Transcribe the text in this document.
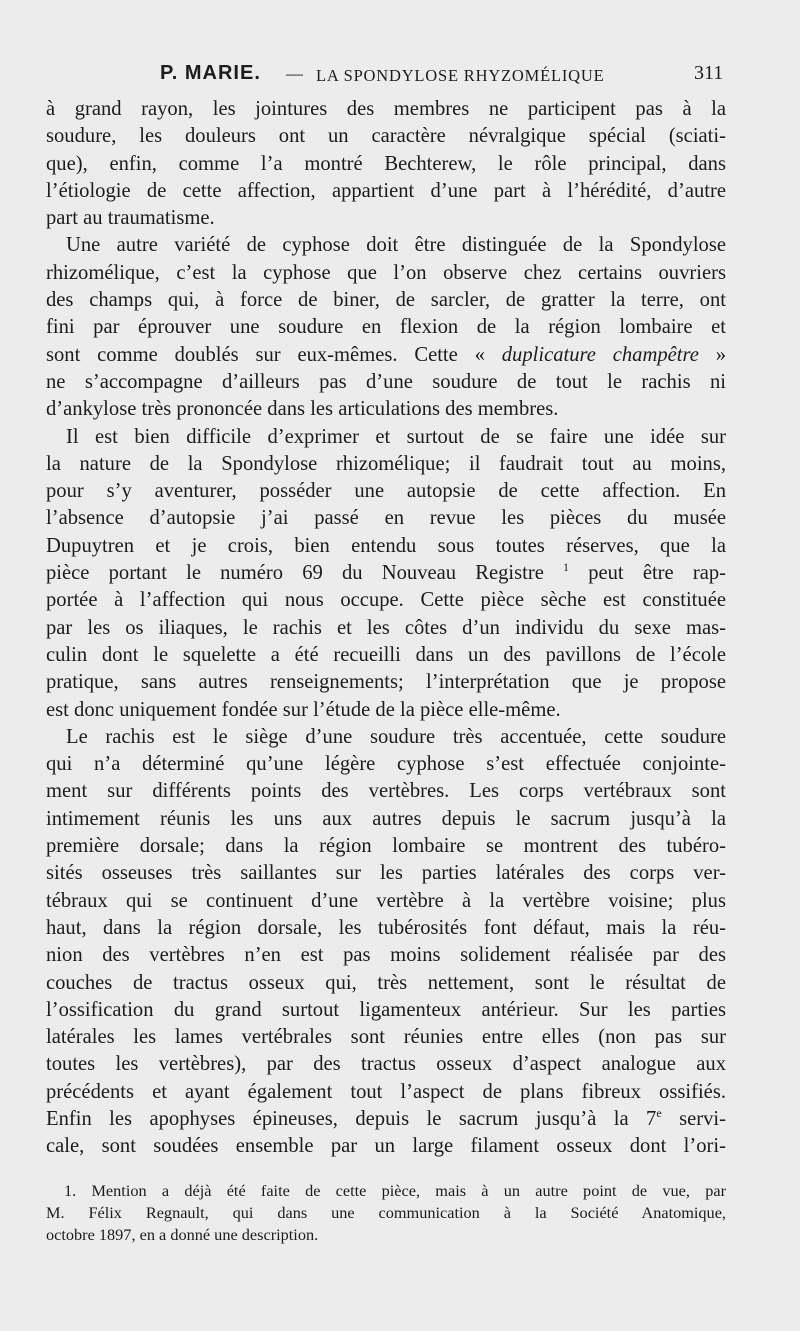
P. MARIE. — LA SPONDYLOSE RHYZOMÉLIQUE	311
à grand rayon, les jointures des membres ne participent pas à la
soudure, les douleurs ont un caractère névralgique spécial (sciati-
que), enfin, comme l’a montré Bechterew, le rôle principal, dans
l’étiologie de cette affection, appartient d’une part à l’hérédité, d’autre
part au traumatisme.
Une autre variété de cyphose doit être distinguée de la Spondylose
rhizomélique, c’est la cyphose que l’on observe chez certains ouvriers
des champs qui, à force de biner, de sarcler, de gratter la terre, ont
fini par éprouver une soudure en flexion de la région lombaire et
sont comme doublés sur eux-mêmes. Cette « duplicature champêtre »
ne s’accompagne d’ailleurs pas d’une soudure de tout le rachis ni
d’ankylose très prononcée dans les articulations des membres.
Il est bien difficile d’exprimer et surtout de se faire une idée sur
la nature de la Spondylose rhizomélique; il faudrait tout au moins,
pour s’y aventurer, posséder une autopsie de cette affection. En
l’absence d’autopsie j’ai passé en revue les pièces du musée
Dupuytren et je crois, bien entendu sous toutes réserves, que la
pièce portant le numéro 69 du Nouveau Registre $^1$ peut être rap-
portée à l’affection qui nous occupe. Cette pièce sèche est constituée
par les os iliaques, le rachis et les côtes d’un individu du sexe mas-
culin dont le squelette a été recueilli dans un des pavillons de l’école
pratique, sans autres renseignements; l’interprétation que je propose
est donc uniquement fondée sur l’étude de la pièce elle-même.
Le rachis est le siège d’une soudure très accentuée, cette soudure
qui n’a déterminé qu’une légère cyphose s’est effectuée conjointe-
ment sur différents points des vertèbres. Les corps vertébraux sont
intimement réunis les uns aux autres depuis le sacrum jusqu’à la
première dorsale; dans la région lombaire se montrent des tubéro-
sités osseuses très saillantes sur les parties latérales des corps ver-
tébraux qui se continuent d’une vertèbre à la vertèbre voisine; plus
haut, dans la région dorsale, les tubérosités font défaut, mais la réu-
nion des vertèbres n’en est pas moins solidement réalisée par des
couches de tractus osseux qui, très nettement, sont le résultat de
l’ossification du grand surtout ligamenteux antérieur. Sur les parties
latérales les lames vertébrales sont réunies entre elles (non pas sur
toutes les vertèbres), par des tractus osseux d’aspect analogue aux
précédents et ayant également tout l’aspect de plans fibreux ossifiés.
Enfin les apophyses épineuses, depuis le sacrum jusqu’à la 7e servi-
cale, sont soudées ensemble par un large filament osseux dont l’ori-
1. Mention a déjà été faite de cette pièce, mais à un autre point de vue, par
M. Félix Regnault, qui dans une communication à la Société Anatomique,
octobre 1897, en a donné une description.
